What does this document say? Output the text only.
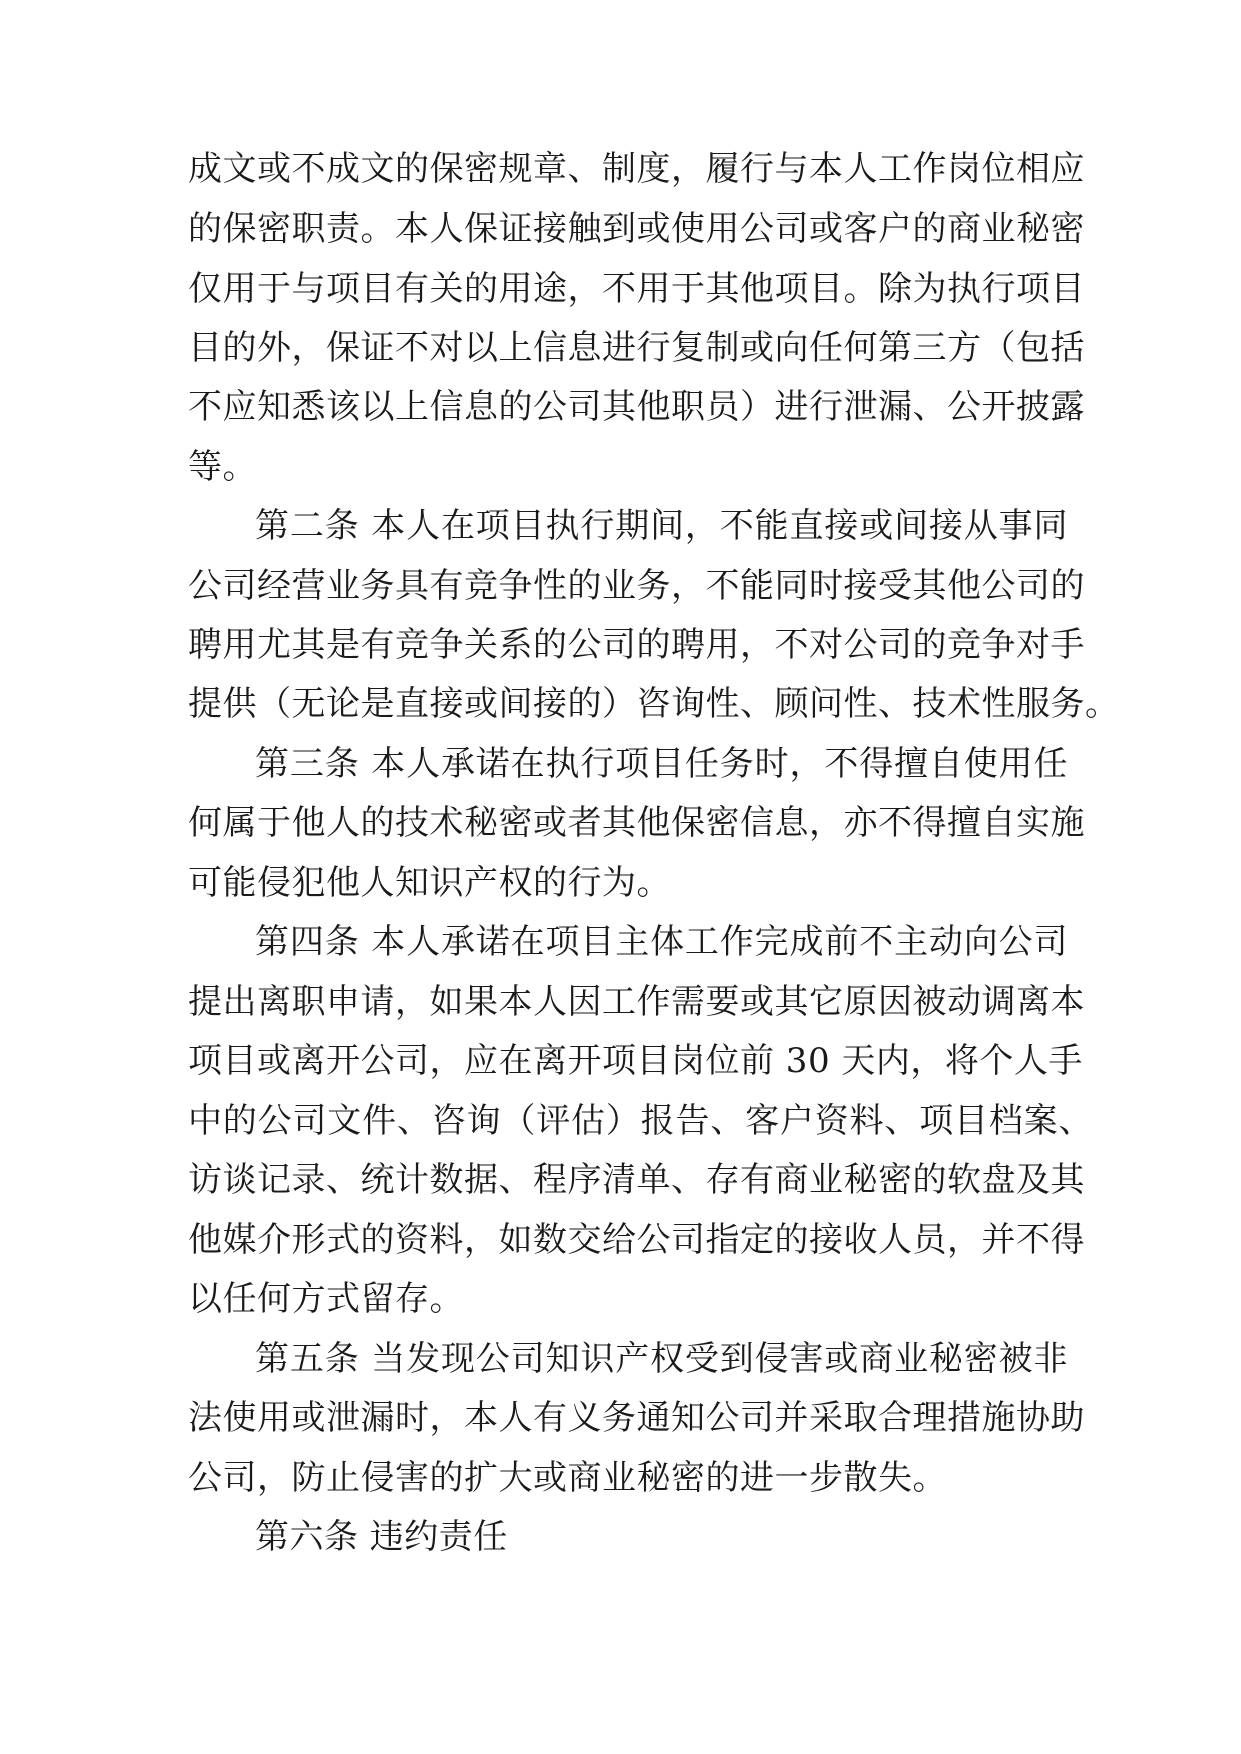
成文或不成文的保密规章、制度，履行与本人工作岗位相应
的保密职责。本人保证接触到或使用公司或客户的商业秘密
仅用于与项目有关的用途，不用于其他项目。除为执行项目
目的外，保证不对以上信息进行复制或向任何第三方（包括
不应知悉该以上信息的公司其他职员）进行泄漏、公开披露
等。
第二条 本人在项目执行期间，不能直接或间接从事同
公司经营业务具有竞争性的业务，不能同时接受其他公司的
聘用尤其是有竞争关系的公司的聘用，不对公司的竞争对手
提供（无论是直接或间接的）咨询性、顾问性、技术性服务。
第三条 本人承诺在执行项目任务时，不得擅自使用任
何属于他人的技术秘密或者其他保密信息，亦不得擅自实施
可能侵犯他人知识产权的行为。
第四条 本人承诺在项目主体工作完成前不主动向公司
提出离职申请，如果本人因工作需要或其它原因被动调离本
项目或离开公司，应在离开项目岗位前 30 天内，将个人手
中的公司文件、咨询（评估）报告、客户资料、项目档案、
访谈记录、统计数据、程序清单、存有商业秘密的软盘及其
他媒介形式的资料，如数交给公司指定的接收人员，并不得
以任何方式留存。
第五条 当发现公司知识产权受到侵害或商业秘密被非
法使用或泄漏时，本人有义务通知公司并采取合理措施协助
公司，防止侵害的扩大或商业秘密的进一步散失。
第六条 违约责任
